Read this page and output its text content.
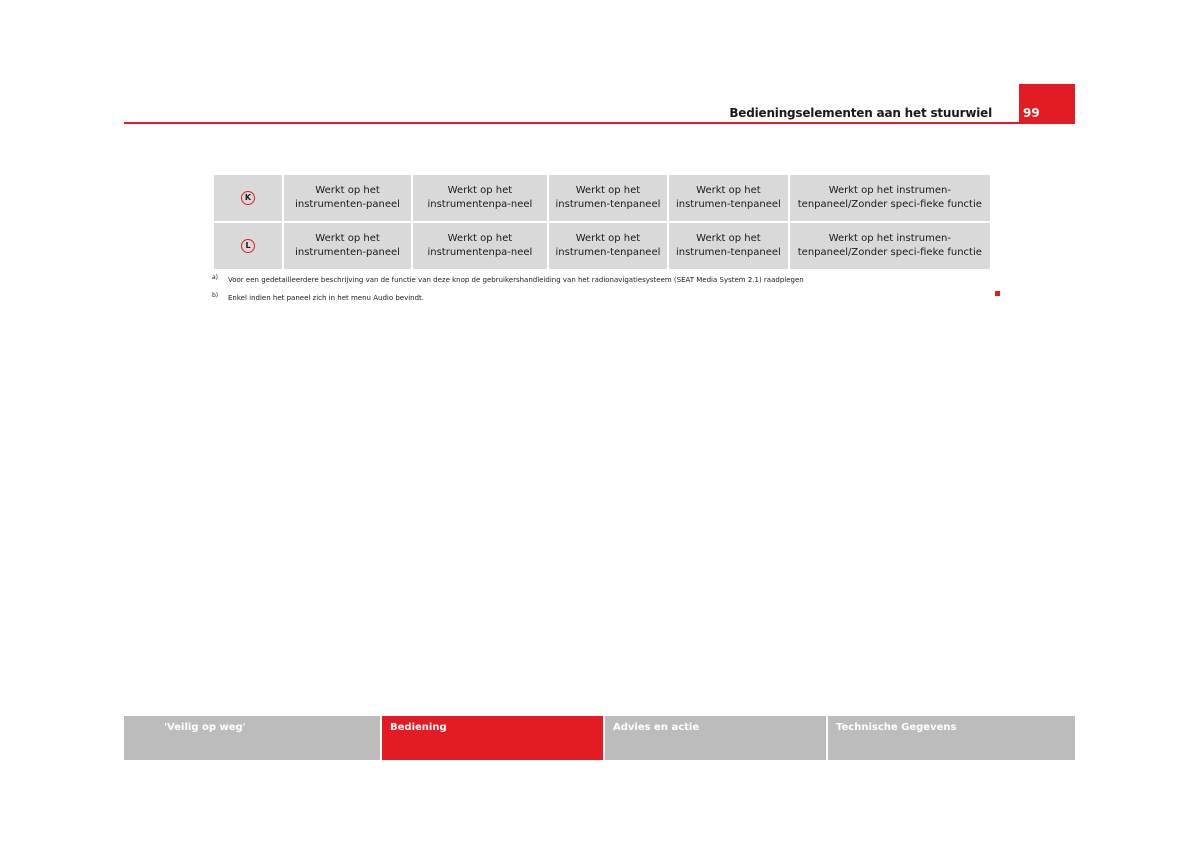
Bedieningselementen aan het stuurwiel	99
K	Werkt op het instrumenten-paneel	Werkt op het instrumentenpa-neel	Werkt op het instrumen-tenpaneel	Werkt op het instrumen-tenpaneel	Werkt op het instrumen-tenpaneel/Zonder speci-fieke functie
L	Werkt op het instrumenten-paneel	Werkt op het instrumentenpa-neel	Werkt op het instrumen-tenpaneel	Werkt op het instrumen-tenpaneel	Werkt op het instrumen-tenpaneel/Zonder speci-fieke functie
a) Voor een gedetailleerdere beschrijving van de functie van deze knop de gebruikershandleiding van het radionavigatiesysteem (SEAT Media System 2.1) raadplegen
b) Enkel indien het paneel zich in het menu Audio bevindt.
'Veilig op weg'	Bediening	Advies en actie	Technische Gegevens
